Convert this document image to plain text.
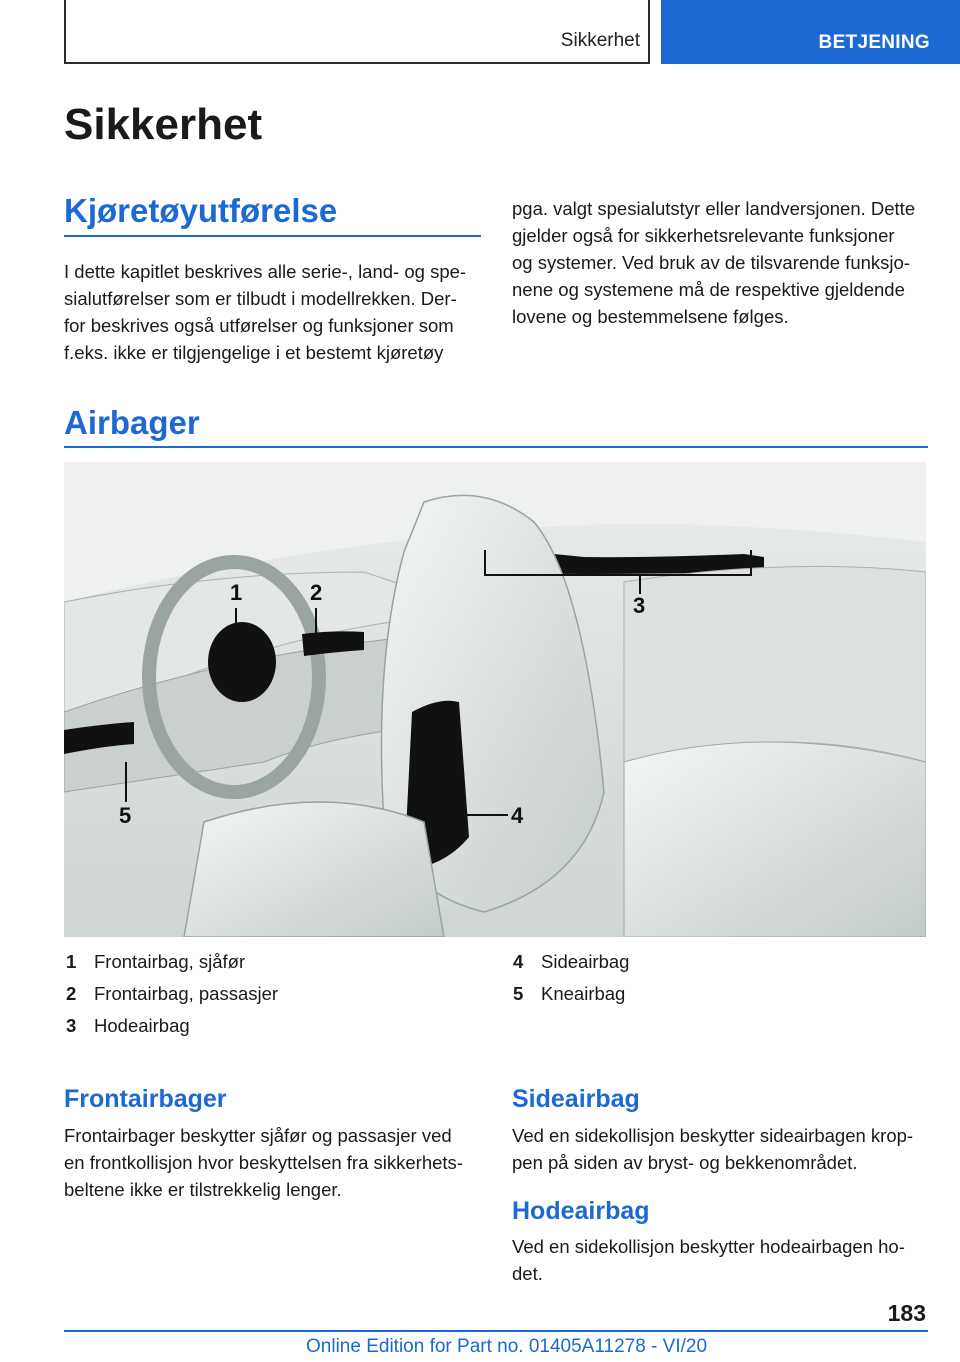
Sikkerhet	BETJENING
Sikkerhet
Kjøretøyutførelse
I dette kapitlet beskrives alle serie-, land- og spe-
sialutførelser som er tilbudt i modellrekken. Der-
for beskrives også utførelser og funksjoner som
f.eks. ikke er tilgjengelige i et bestemt kjøretøy
pga. valgt spesialutstyr eller landversjonen. Dette
gjelder også for sikkerhetsrelevante funksjoner
og systemer. Ved bruk av de tilsvarende funksjo-
nene og systemene må de respektive gjeldende
lovene og bestemmelsene følges.
Airbager
1	2
3
4
5
1 Frontairbag, sjåfør
2 Frontairbag, passasjer
3 Hodeairbag
4 Sideairbag
5 Kneairbag
Frontairbager
Frontairbager beskytter sjåfør og passasjer ved
en frontkollisjon hvor beskyttelsen fra sikkerhets-
beltene ikke er tilstrekkelig lenger.
Sideairbag
Ved en sidekollisjon beskytter sideairbagen krop-
pen på siden av bryst- og bekkenområdet.
Hodeairbag
Ved en sidekollisjon beskytter hodeairbagen ho-
det.
183
Online Edition for Part no. 01405A11278 - VI/20
